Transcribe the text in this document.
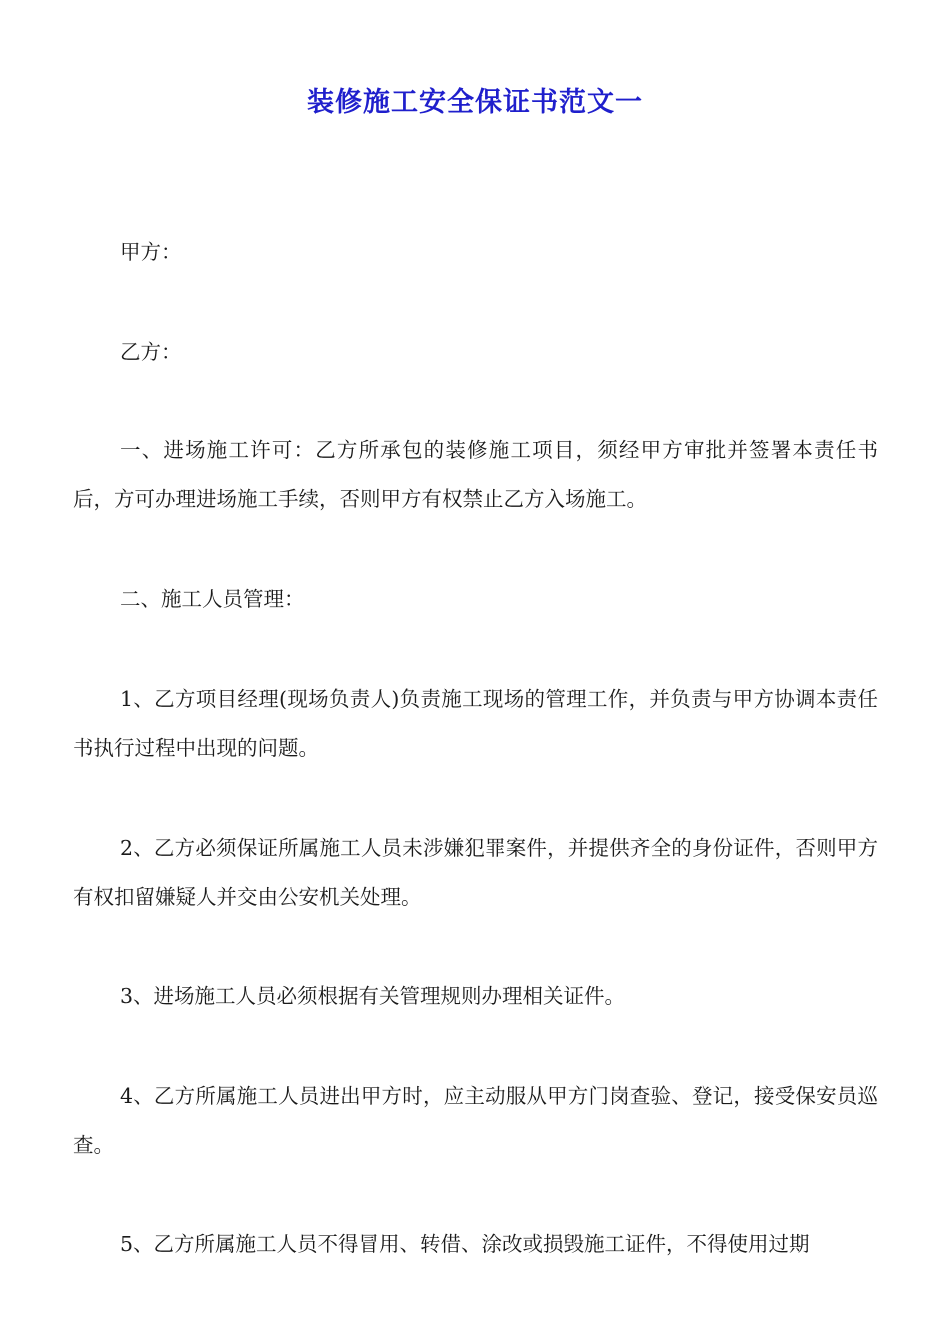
装修施工安全保证书范文一

甲方：

乙方：

一、进场施工许可：乙方所承包的装修施工项目，须经甲方审批并签署本责任书后，方可办理进场施工手续，否则甲方有权禁止乙方入场施工。

二、施工人员管理：

1、乙方项目经理(现场负责人)负责施工现场的管理工作，并负责与甲方协调本责任书执行过程中出现的问题。

2、乙方必须保证所属施工人员未涉嫌犯罪案件，并提供齐全的身份证件，否则甲方有权扣留嫌疑人并交由公安机关处理。

3、进场施工人员必须根据有关管理规则办理相关证件。

4、乙方所属施工人员进出甲方时，应主动服从甲方门岗查验、登记，接受保安员巡查。

5、乙方所属施工人员不得冒用、转借、涂改或损毁施工证件，不得使用过期
